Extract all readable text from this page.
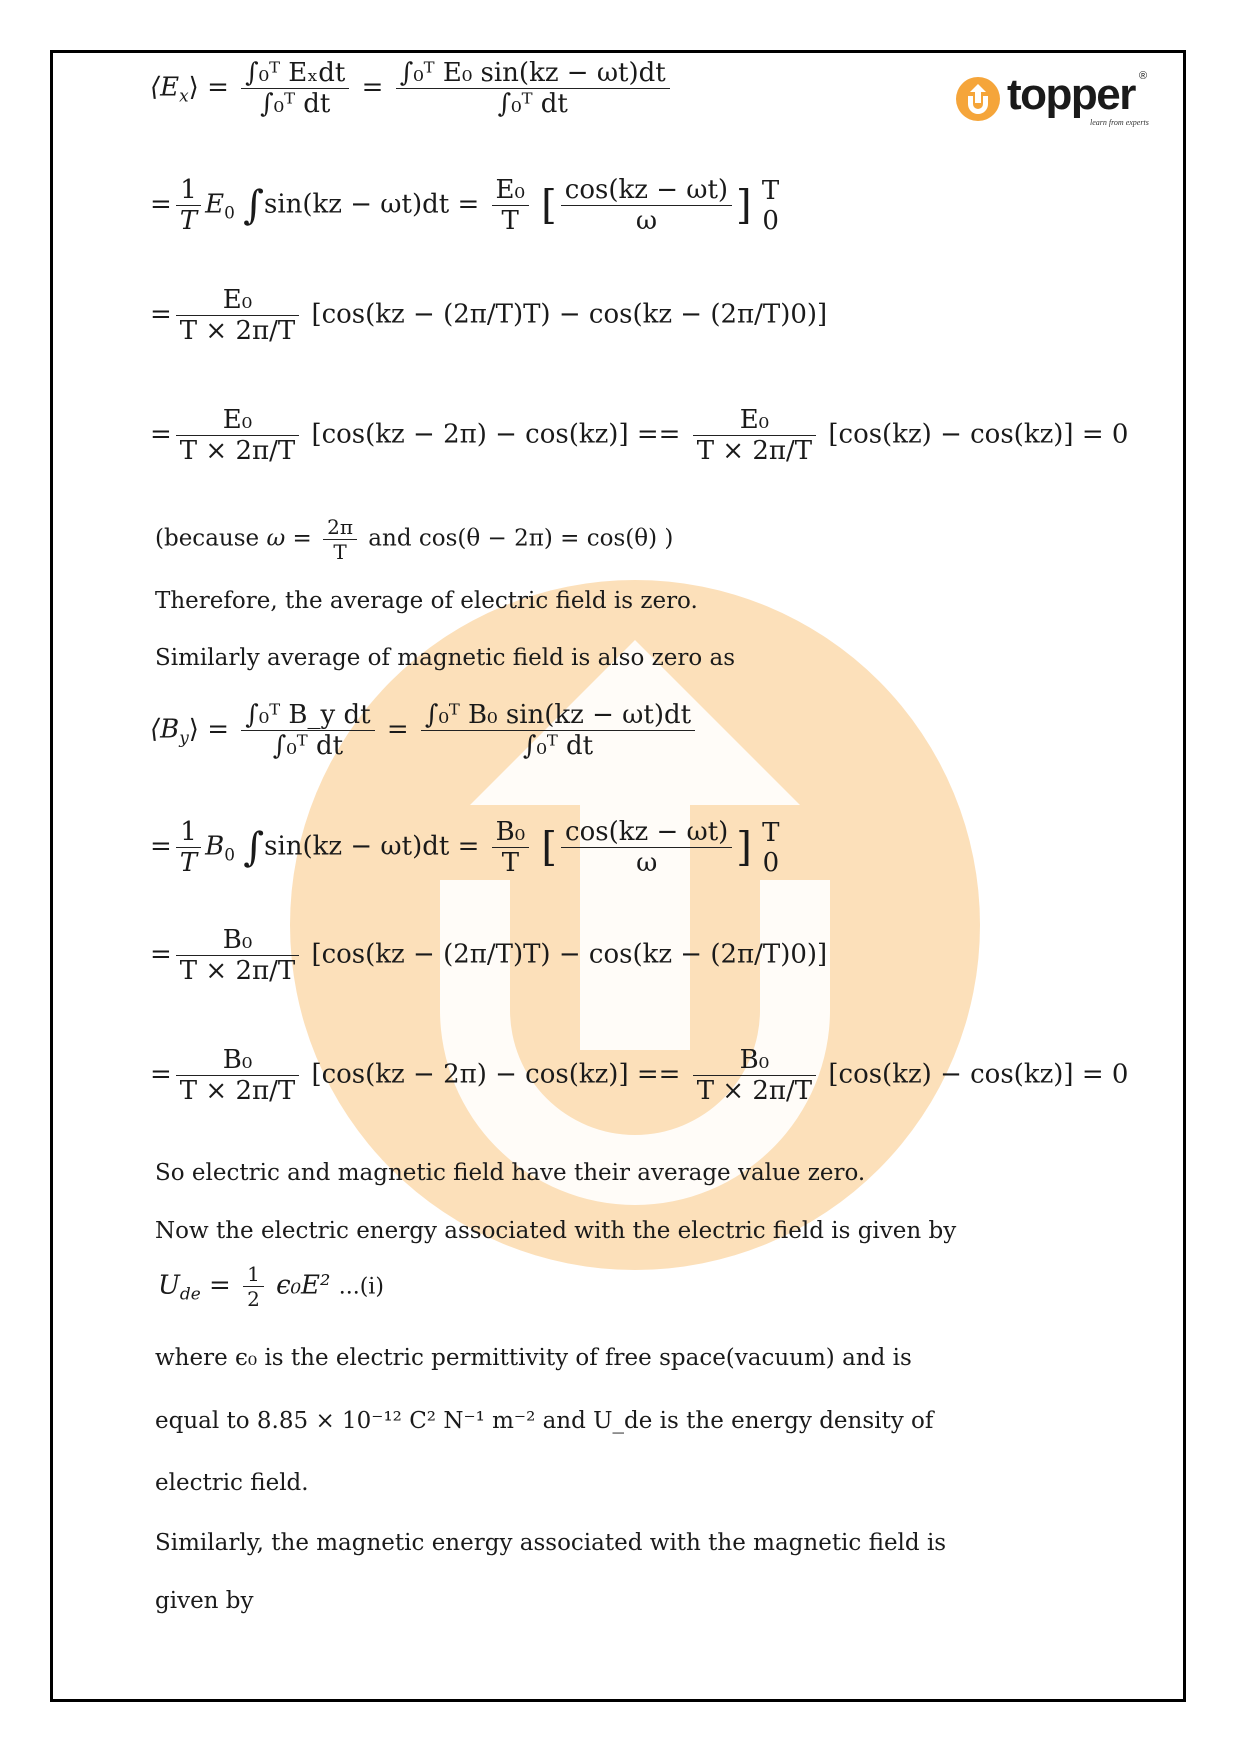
topper ®
learn from experts
$⟨E_x⟩ = \frac{\text{∫₀ᵀ Eₓdt}}{\text{∫₀ᵀ dt}} = \frac{\text{∫₀ᵀ E₀ sin(kz − ωt)dt}}{\text{∫₀ᵀ dt}}$
= $\frac{1}{T} E_0$ $\int\sin(kz - \omega t)dt = \frac{\text{E₀}}{T}$ [ $\frac{\cos(kz - \omega t)}{\omega}$ ] T
0
= $\frac{\text{E₀}}{T \times 2\pi/T} [\cos(kz - (2\pi/T)T) - \cos(kz - (2\pi/T)0)]$
= $\frac{\text{E₀}}{T \times 2\pi/T} [\cos(kz - 2\pi) - \cos(kz)] == \frac{\text{E₀}}{T \times 2\pi/T} [\cos(kz) - \cos(kz)] = 0$
(because $\omega = \frac{2\pi}{T}$ and cos(θ − 2π) = cos(θ) )
Therefore, the average of electric field is zero.
Similarly average of magnetic field is also zero as
$⟨B_y⟩ = \frac{\text{∫₀ᵀ B\_y dt}}{\text{∫₀ᵀ dt}} = \frac{\text{∫₀ᵀ B₀ sin(kz − ωt)dt}}{\text{∫₀ᵀ dt}}$
= $\frac{1}{T} B_0$ $\int\sin(kz - \omega t)dt = \frac{\text{B₀}}{T}$ [ $\frac{\cos(kz - \omega t)}{\omega}$ ] T
0
= $\frac{\text{B₀}}{T \times 2\pi/T} [\cos(kz - (2\pi/T)T) - \cos(kz - (2\pi/T)0)]$
= $\frac{\text{B₀}}{T \times 2\pi/T} [\cos(kz - 2\pi) - \cos(kz)] == \frac{\text{B₀}}{T \times 2\pi/T} [\cos(kz) - \cos(kz)] = 0$
So electric and magnetic field have their average value zero.
Now the electric energy associated with the electric field is given by
$U_{de} = \frac{1}{2} \epsilon_0E^2$ ...(i)
where ϵ₀ is the electric permittivity of free space(vacuum) and is
equal to 8.85 × 10⁻¹² C² N⁻¹ m⁻² and U_de is the energy density of
electric field.
Similarly, the magnetic energy associated with the magnetic field is
given by
